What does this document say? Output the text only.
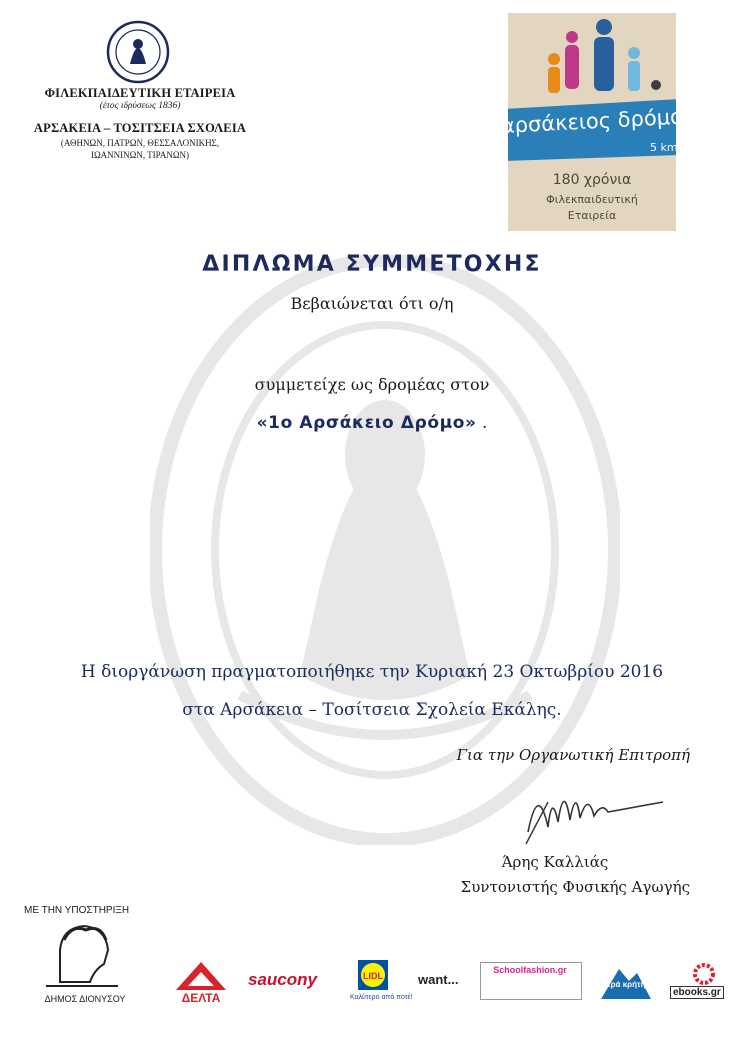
ΦΙΛΕΚΠΑΙΔΕΥΤΙΚΗ ΕΤΑΙΡΕΙΑ
(έτος ιδρύσεως 1836)
ΑΡΣΑΚΕΙΑ – ΤΟΣΙΤΣΕΙΑ ΣΧΟΛΕΙΑ
(ΑΘΗΝΩΝ, ΠΑΤΡΩΝ, ΘΕΣΣΑΛΟΝΙΚΗΣ,
ΙΩΑΝΝΙΝΩΝ, ΤΙΡΑΝΩΝ)
αρσάκειος δρόμος
5 km
180 χρόνια
Φιλεκπαιδευτική
Εταιρεία
ΔΙΠΛΩΜΑ ΣΥΜΜΕΤΟΧΗΣ
Βεβαιώνεται ότι ο/η
συμμετείχε ως δρομέας στον
«1ο Αρσάκειο Δρόμο» .
Η διοργάνωση πραγματοποιήθηκε την Κυριακή 23 Οκτωβρίου 2016
στα Αρσάκεια – Τοσίτσεια Σχολεία Εκάλης.
Για την Οργανωτική Επιτροπή
Άρης Καλλιάς
Συντονιστής Φυσικής Αγωγής
ΜΕ ΤΗΝ ΥΠΟΣΤΗΡΙΞΗ
ΔΗΜΟΣ ΔΙΟΝΥΣΟΥ	ΔΕΛΤΑ
saucony	LIDL
Καλύτερο από ποτέ!
want...
Schoolfashion.gr
νερά κρήτης
ebooks.gr
